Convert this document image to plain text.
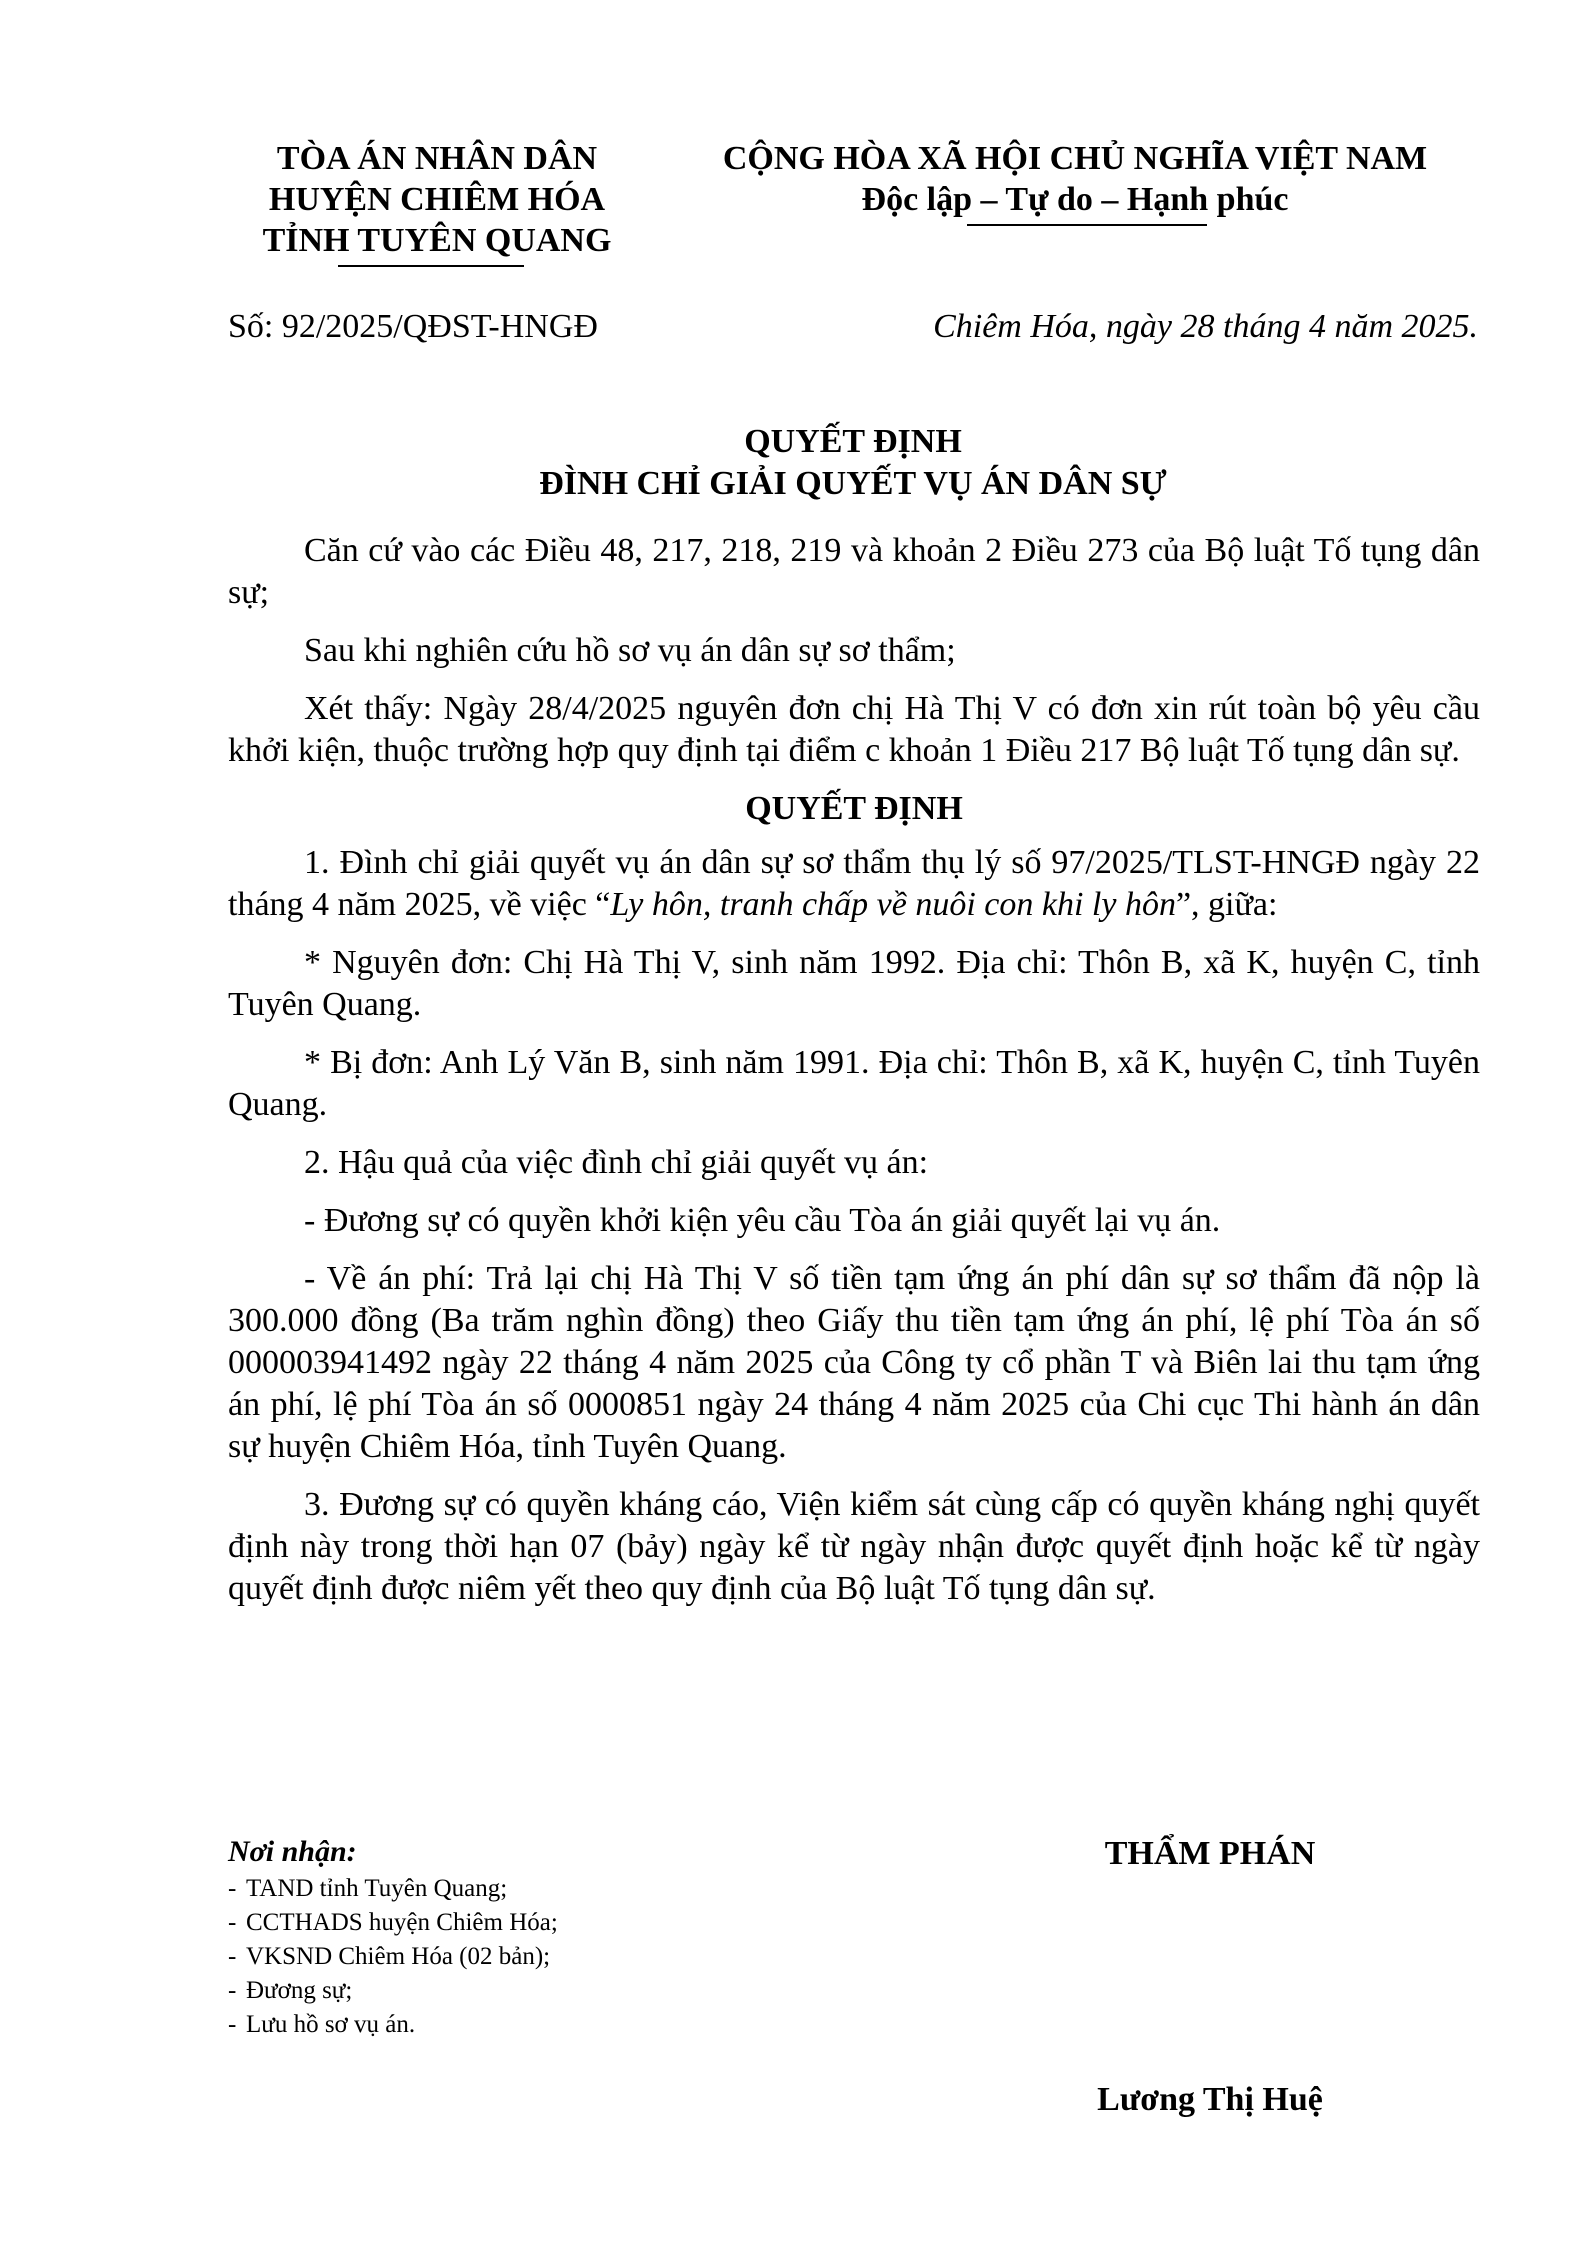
TÒA ÁN NHÂN DÂN
HUYỆN CHIÊM HÓA
TỈNH TUYÊN QUANG
CỘNG HÒA XÃ HỘI CHỦ NGHĨA VIỆT NAM
Độc lập – Tự do – Hạnh phúc
Số: 92/2025/QĐST-HNGĐ	Chiêm Hóa, ngày 28 tháng 4 năm 2025.
QUYẾT ĐỊNH
ĐÌNH CHỈ GIẢI QUYẾT VỤ ÁN DÂN SỰ

Căn cứ vào các Điều 48, 217, 218, 219 và khoản 2 Điều 273 của Bộ luật Tố tụng dân sự;

Sau khi nghiên cứu hồ sơ vụ án dân sự sơ thẩm;

Xét thấy: Ngày 28/4/2025 nguyên đơn chị Hà Thị V có đơn xin rút toàn bộ yêu cầu khởi kiện, thuộc trường hợp quy định tại điểm c khoản 1 Điều 217 Bộ luật Tố tụng dân sự.

QUYẾT ĐỊNH

1. Đình chỉ giải quyết vụ án dân sự sơ thẩm thụ lý số 97/2025/TLST-HNGĐ ngày 22 tháng 4 năm 2025, về việc “Ly hôn, tranh chấp về nuôi con khi ly hôn”, giữa:

* Nguyên đơn: Chị Hà Thị V, sinh năm 1992. Địa chỉ: Thôn B, xã K, huyện C, tỉnh Tuyên Quang.

* Bị đơn: Anh Lý Văn B, sinh năm 1991. Địa chỉ: Thôn B, xã K, huyện C, tỉnh Tuyên Quang.

2. Hậu quả của việc đình chỉ giải quyết vụ án:

- Đương sự có quyền khởi kiện yêu cầu Tòa án giải quyết lại vụ án.

- Về án phí: Trả lại chị Hà Thị V số tiền tạm ứng án phí dân sự sơ thẩm đã nộp là 300.000 đồng (Ba trăm nghìn đồng) theo Giấy thu tiền tạm ứng án phí, lệ phí Tòa án số 000003941492 ngày 22 tháng 4 năm 2025 của Công ty cổ phần T và Biên lai thu tạm ứng án phí, lệ phí Tòa án số 0000851 ngày 24 tháng 4 năm 2025 của Chi cục Thi hành án dân sự huyện Chiêm Hóa, tỉnh Tuyên Quang.

3. Đương sự có quyền kháng cáo, Viện kiểm sát cùng cấp có quyền kháng nghị quyết định này trong thời hạn 07 (bảy) ngày kể từ ngày nhận được quyết định hoặc kể từ ngày quyết định được niêm yết theo quy định của Bộ luật Tố tụng dân sự.

Nơi nhận:

- TAND tỉnh Tuyên Quang;
- CCTHADS huyện Chiêm Hóa;
- VKSND Chiêm Hóa (02 bản);
- Đương sự;
- Lưu hồ sơ vụ án.
THẨM PHÁN
Lương Thị Huệ
